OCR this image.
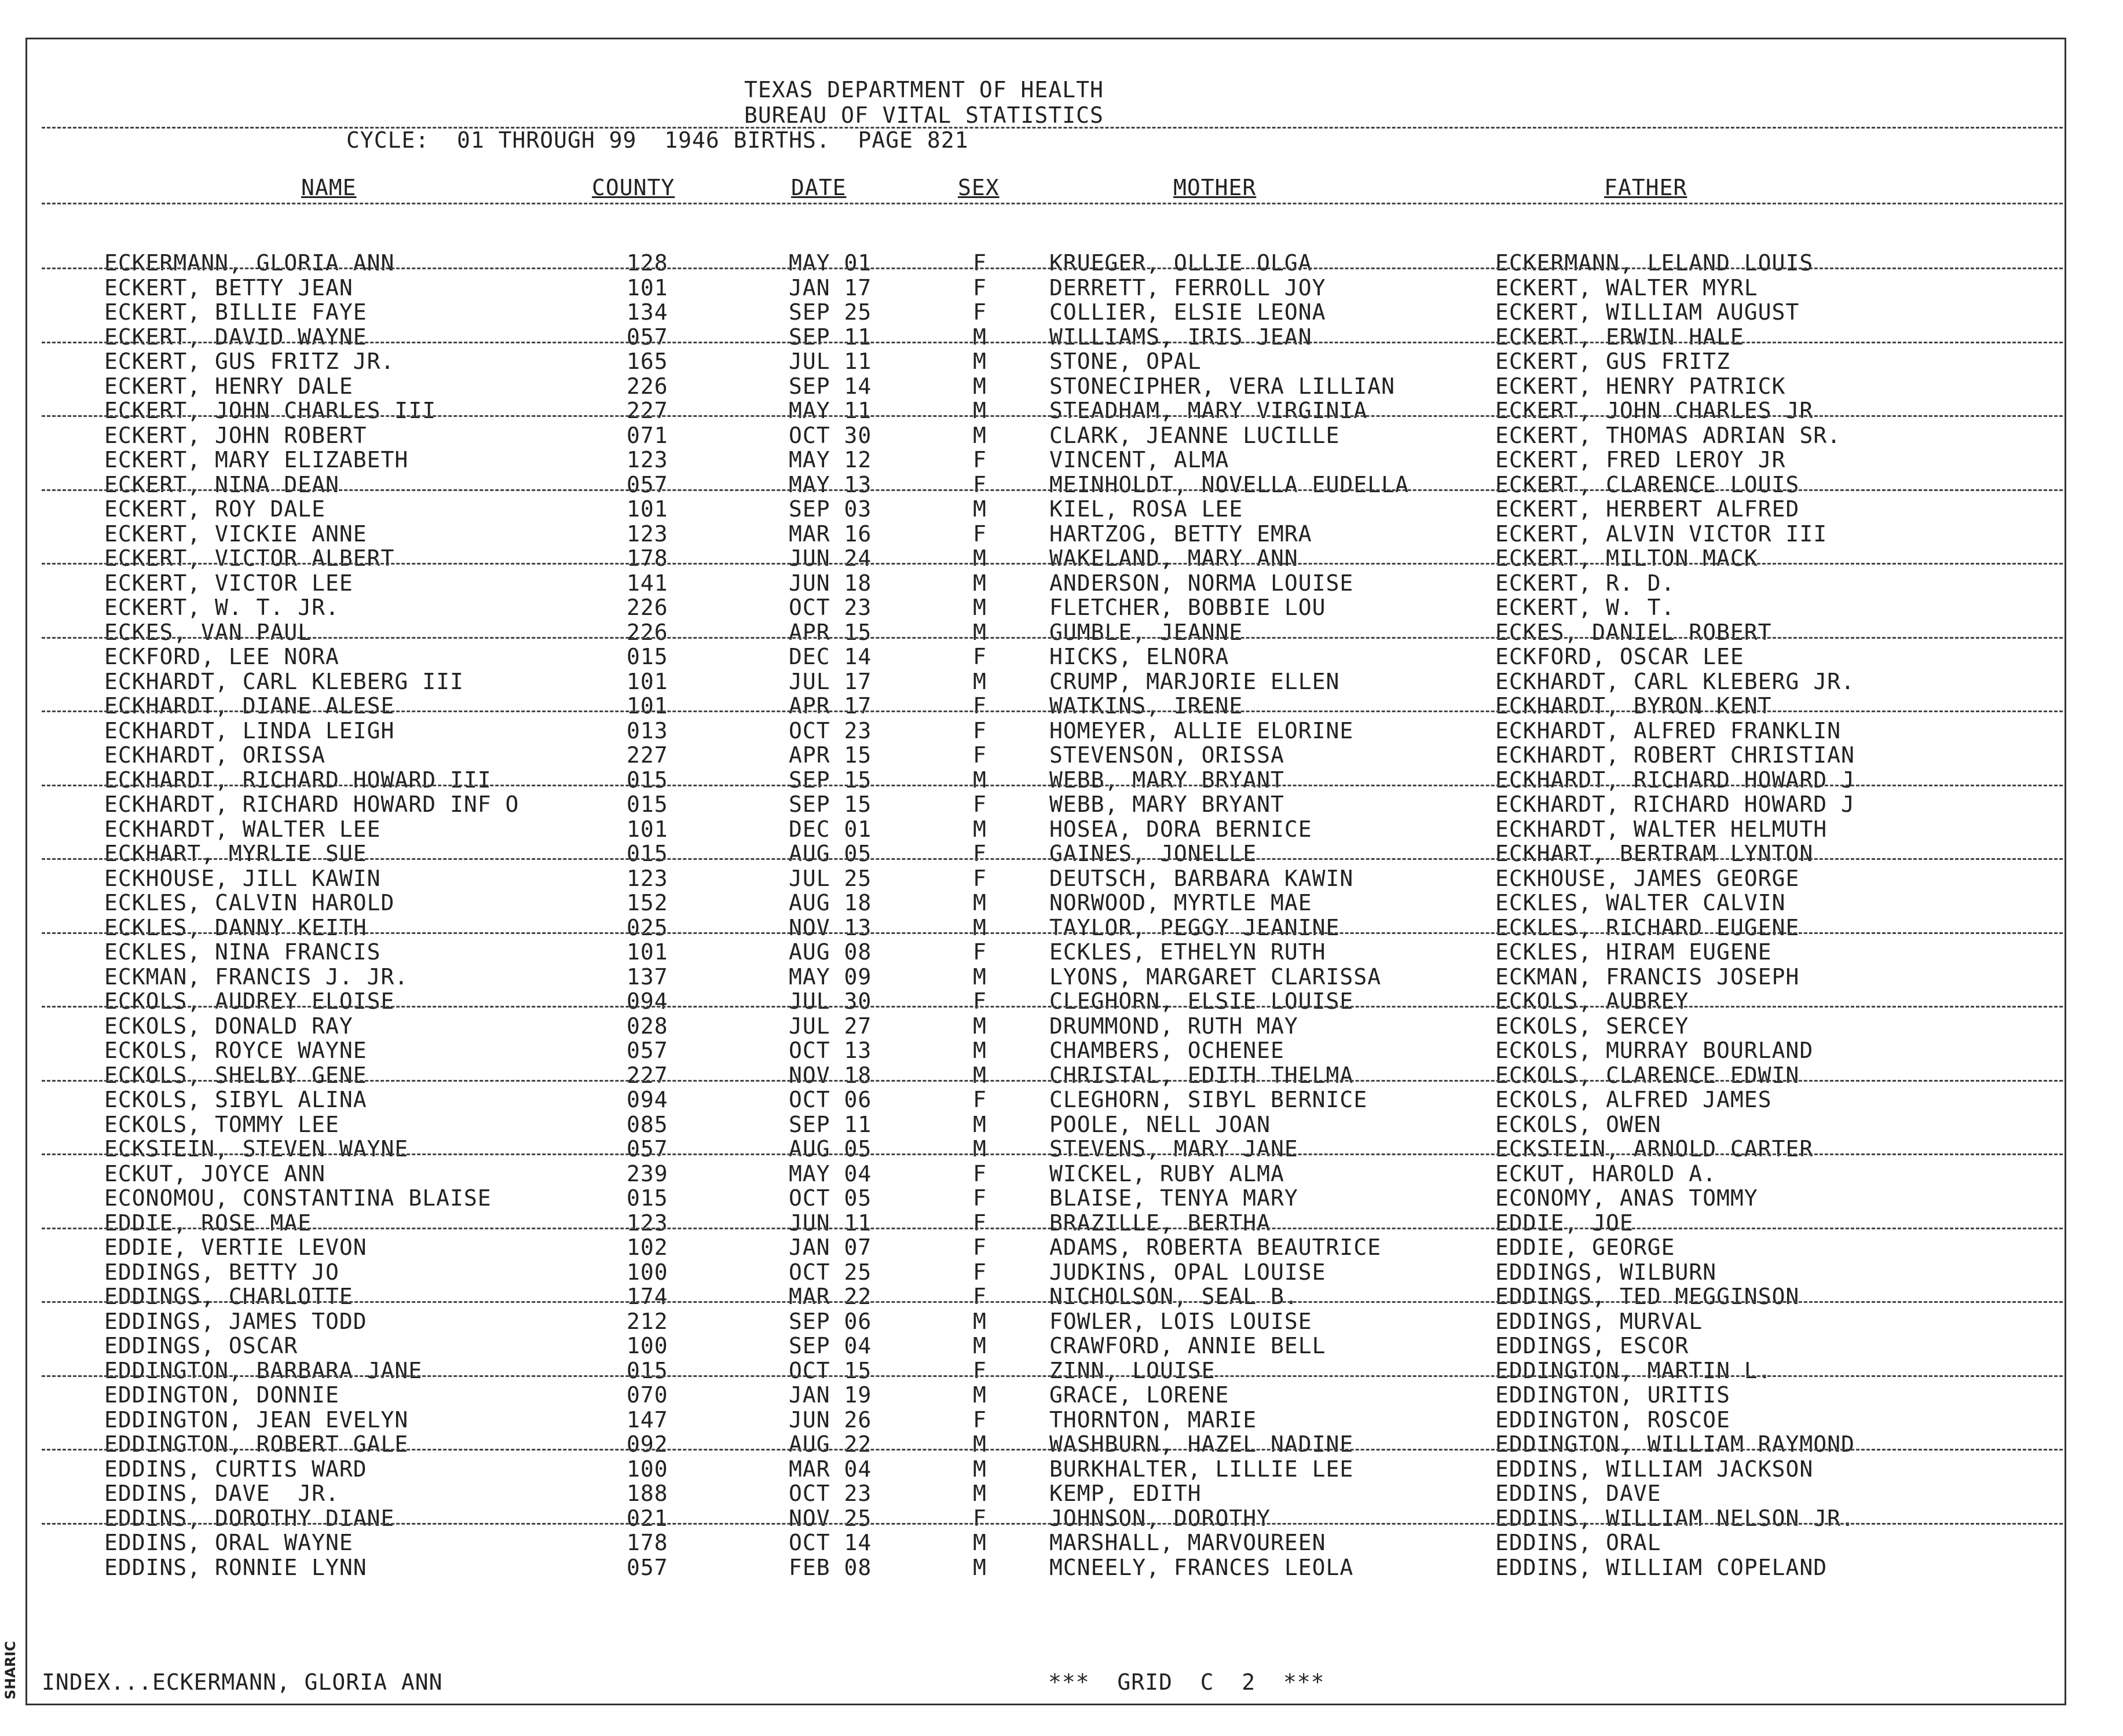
SHARIC
TEXAS DEPARTMENT OF HEALTH
BUREAU OF VITAL STATISTICS
CYCLE:  01 THROUGH 99  1946 BIRTHS.  PAGE 821
NAME	COUNTY	DATE	SEX	MOTHER	FATHER
ECKERMANN, GLORIA ANN	128	MAY 01	F	KRUEGER, OLLIE OLGA	ECKERMANN, LELAND LOUIS
ECKERT, BETTY JEAN	101	JAN 17	F	DERRETT, FERROLL JOY	ECKERT, WALTER MYRL
ECKERT, BILLIE FAYE	134	SEP 25	F	COLLIER, ELSIE LEONA	ECKERT, WILLIAM AUGUST
ECKERT, DAVID WAYNE	057	SEP 11	M	WILLIAMS, IRIS JEAN	ECKERT, ERWIN HALE
ECKERT, GUS FRITZ JR.	165	JUL 11	M	STONE, OPAL	ECKERT, GUS FRITZ
ECKERT, HENRY DALE	226	SEP 14	M	STONECIPHER, VERA LILLIAN	ECKERT, HENRY PATRICK
ECKERT, JOHN CHARLES III	227	MAY 11	M	STEADHAM, MARY VIRGINIA	ECKERT, JOHN CHARLES JR
ECKERT, JOHN ROBERT	071	OCT 30	M	CLARK, JEANNE LUCILLE	ECKERT, THOMAS ADRIAN SR.
ECKERT, MARY ELIZABETH	123	MAY 12	F	VINCENT, ALMA	ECKERT, FRED LEROY JR
ECKERT, NINA DEAN	057	MAY 13	F	MEINHOLDT, NOVELLA EUDELLA	ECKERT, CLARENCE LOUIS
ECKERT, ROY DALE	101	SEP 03	M	KIEL, ROSA LEE	ECKERT, HERBERT ALFRED
ECKERT, VICKIE ANNE	123	MAR 16	F	HARTZOG, BETTY EMRA	ECKERT, ALVIN VICTOR III
ECKERT, VICTOR ALBERT	178	JUN 24	M	WAKELAND, MARY ANN	ECKERT, MILTON MACK
ECKERT, VICTOR LEE	141	JUN 18	M	ANDERSON, NORMA LOUISE	ECKERT, R. D.
ECKERT, W. T. JR.	226	OCT 23	M	FLETCHER, BOBBIE LOU	ECKERT, W. T.
ECKES, VAN PAUL	226	APR 15	M	GUMBLE, JEANNE	ECKES, DANIEL ROBERT
ECKFORD, LEE NORA	015	DEC 14	F	HICKS, ELNORA	ECKFORD, OSCAR LEE
ECKHARDT, CARL KLEBERG III	101	JUL 17	M	CRUMP, MARJORIE ELLEN	ECKHARDT, CARL KLEBERG JR.
ECKHARDT, DIANE ALESE	101	APR 17	F	WATKINS, IRENE	ECKHARDT, BYRON KENT
ECKHARDT, LINDA LEIGH	013	OCT 23	F	HOMEYER, ALLIE ELORINE	ECKHARDT, ALFRED FRANKLIN
ECKHARDT, ORISSA	227	APR 15	F	STEVENSON, ORISSA	ECKHARDT, ROBERT CHRISTIAN
ECKHARDT, RICHARD HOWARD III	015	SEP 15	M	WEBB, MARY BRYANT	ECKHARDT, RICHARD HOWARD J
ECKHARDT, RICHARD HOWARD INF O	015	SEP 15	F	WEBB, MARY BRYANT	ECKHARDT, RICHARD HOWARD J
ECKHARDT, WALTER LEE	101	DEC 01	M	HOSEA, DORA BERNICE	ECKHARDT, WALTER HELMUTH
ECKHART, MYRLIE SUE	015	AUG 05	F	GAINES, JONELLE	ECKHART, BERTRAM LYNTON
ECKHOUSE, JILL KAWIN	123	JUL 25	F	DEUTSCH, BARBARA KAWIN	ECKHOUSE, JAMES GEORGE
ECKLES, CALVIN HAROLD	152	AUG 18	M	NORWOOD, MYRTLE MAE	ECKLES, WALTER CALVIN
ECKLES, DANNY KEITH	025	NOV 13	M	TAYLOR, PEGGY JEANINE	ECKLES, RICHARD EUGENE
ECKLES, NINA FRANCIS	101	AUG 08	F	ECKLES, ETHELYN RUTH	ECKLES, HIRAM EUGENE
ECKMAN, FRANCIS J. JR.	137	MAY 09	M	LYONS, MARGARET CLARISSA	ECKMAN, FRANCIS JOSEPH
ECKOLS, AUDREY ELOISE	094	JUL 30	F	CLEGHORN, ELSIE LOUISE	ECKOLS, AUBREY
ECKOLS, DONALD RAY	028	JUL 27	M	DRUMMOND, RUTH MAY	ECKOLS, SERCEY
ECKOLS, ROYCE WAYNE	057	OCT 13	M	CHAMBERS, OCHENEE	ECKOLS, MURRAY BOURLAND
ECKOLS, SHELBY GENE	227	NOV 18	M	CHRISTAL, EDITH THELMA	ECKOLS, CLARENCE EDWIN
ECKOLS, SIBYL ALINA	094	OCT 06	F	CLEGHORN, SIBYL BERNICE	ECKOLS, ALFRED JAMES
ECKOLS, TOMMY LEE	085	SEP 11	M	POOLE, NELL JOAN	ECKOLS, OWEN
ECKSTEIN, STEVEN WAYNE	057	AUG 05	M	STEVENS, MARY JANE	ECKSTEIN, ARNOLD CARTER
ECKUT, JOYCE ANN	239	MAY 04	F	WICKEL, RUBY ALMA	ECKUT, HAROLD A.
ECONOMOU, CONSTANTINA BLAISE	015	OCT 05	F	BLAISE, TENYA MARY	ECONOMY, ANAS TOMMY
EDDIE, ROSE MAE	123	JUN 11	F	BRAZILLE, BERTHA	EDDIE, JOE
EDDIE, VERTIE LEVON	102	JAN 07	F	ADAMS, ROBERTA BEAUTRICE	EDDIE, GEORGE
EDDINGS, BETTY JO	100	OCT 25	F	JUDKINS, OPAL LOUISE	EDDINGS, WILBURN
EDDINGS, CHARLOTTE	174	MAR 22	F	NICHOLSON, SEAL B.	EDDINGS, TED MEGGINSON
EDDINGS, JAMES TODD	212	SEP 06	M	FOWLER, LOIS LOUISE	EDDINGS, MURVAL
EDDINGS, OSCAR	100	SEP 04	M	CRAWFORD, ANNIE BELL	EDDINGS, ESCOR
EDDINGTON, BARBARA JANE	015	OCT 15	F	ZINN, LOUISE	EDDINGTON, MARTIN L.
EDDINGTON, DONNIE	070	JAN 19	M	GRACE, LORENE	EDDINGTON, URITIS
EDDINGTON, JEAN EVELYN	147	JUN 26	F	THORNTON, MARIE	EDDINGTON, ROSCOE
EDDINGTON, ROBERT GALE	092	AUG 22	M	WASHBURN, HAZEL NADINE	EDDINGTON, WILLIAM RAYMOND
EDDINS, CURTIS WARD	100	MAR 04	M	BURKHALTER, LILLIE LEE	EDDINS, WILLIAM JACKSON
EDDINS, DAVE  JR.	188	OCT 23	M	KEMP, EDITH	EDDINS, DAVE
EDDINS, DOROTHY DIANE	021	NOV 25	F	JOHNSON, DOROTHY	EDDINS, WILLIAM NELSON JR.
EDDINS, ORAL WAYNE	178	OCT 14	M	MARSHALL, MARVOUREEN	EDDINS, ORAL
EDDINS, RONNIE LYNN	057	FEB 08	M	MCNEELY, FRANCES LEOLA	EDDINS, WILLIAM COPELAND
INDEX...ECKERMANN, GLORIA ANN	***  GRID  C  2  ***
